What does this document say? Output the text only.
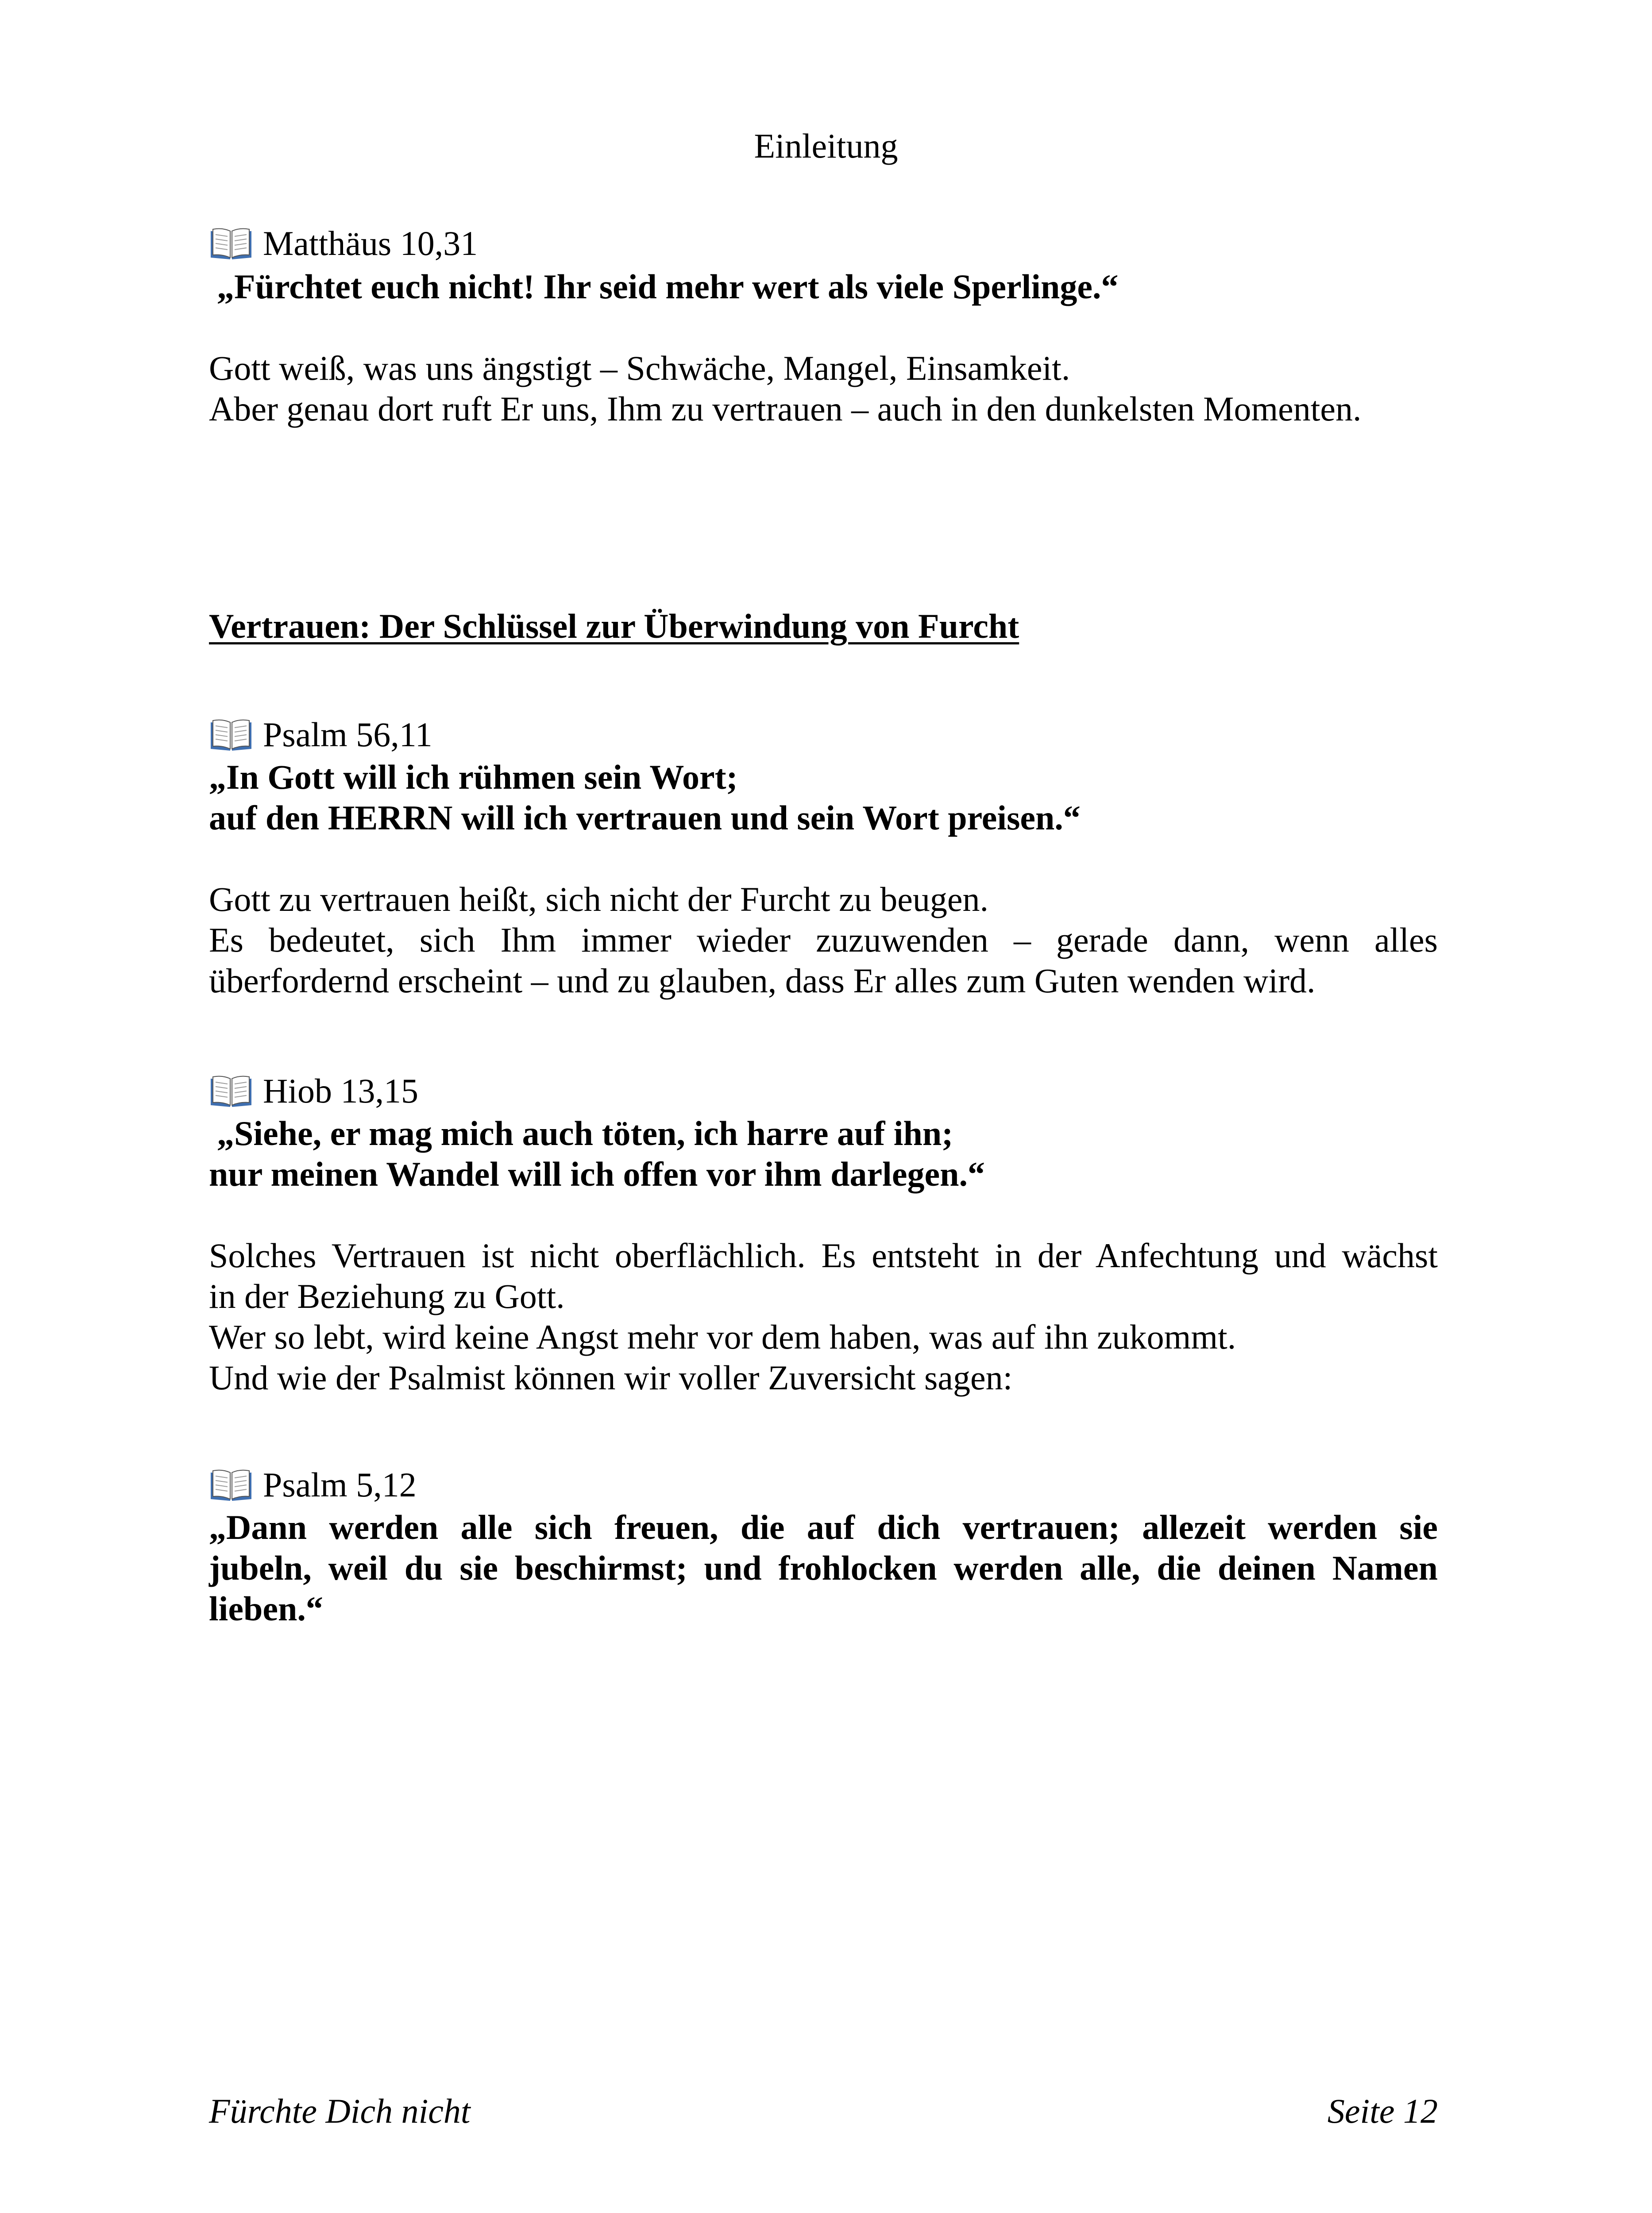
Einleitung
Matthäus 10,31
„Fürchtet euch nicht! Ihr seid mehr wert als viele Sperlinge.“
Gott weiß, was uns ängstigt – Schwäche, Mangel, Einsamkeit.
Aber genau dort ruft Er uns, Ihm zu vertrauen – auch in den dunkelsten Momenten.
Vertrauen: Der Schlüssel zur Überwindung von Furcht
Psalm 56,11
„In Gott will ich rühmen sein Wort;
auf den HERRN will ich vertrauen und sein Wort preisen.“
Gott zu vertrauen heißt, sich nicht der Furcht zu beugen.
Es bedeutet, sich Ihm immer wieder zuzuwenden – gerade dann, wenn alles
überfordernd erscheint – und zu glauben, dass Er alles zum Guten wenden wird.
Hiob 13,15
„Siehe, er mag mich auch töten, ich harre auf ihn;
nur meinen Wandel will ich offen vor ihm darlegen.“
Solches Vertrauen ist nicht oberflächlich. Es entsteht in der Anfechtung und wächst
in der Beziehung zu Gott.
Wer so lebt, wird keine Angst mehr vor dem haben, was auf ihn zukommt.
Und wie der Psalmist können wir voller Zuversicht sagen:
Psalm 5,12
„Dann werden alle sich freuen, die auf dich vertrauen; allezeit werden sie
jubeln, weil du sie beschirmst; und frohlocken werden alle, die deinen Namen
lieben.“
Fürchte Dich nicht	Seite 12
